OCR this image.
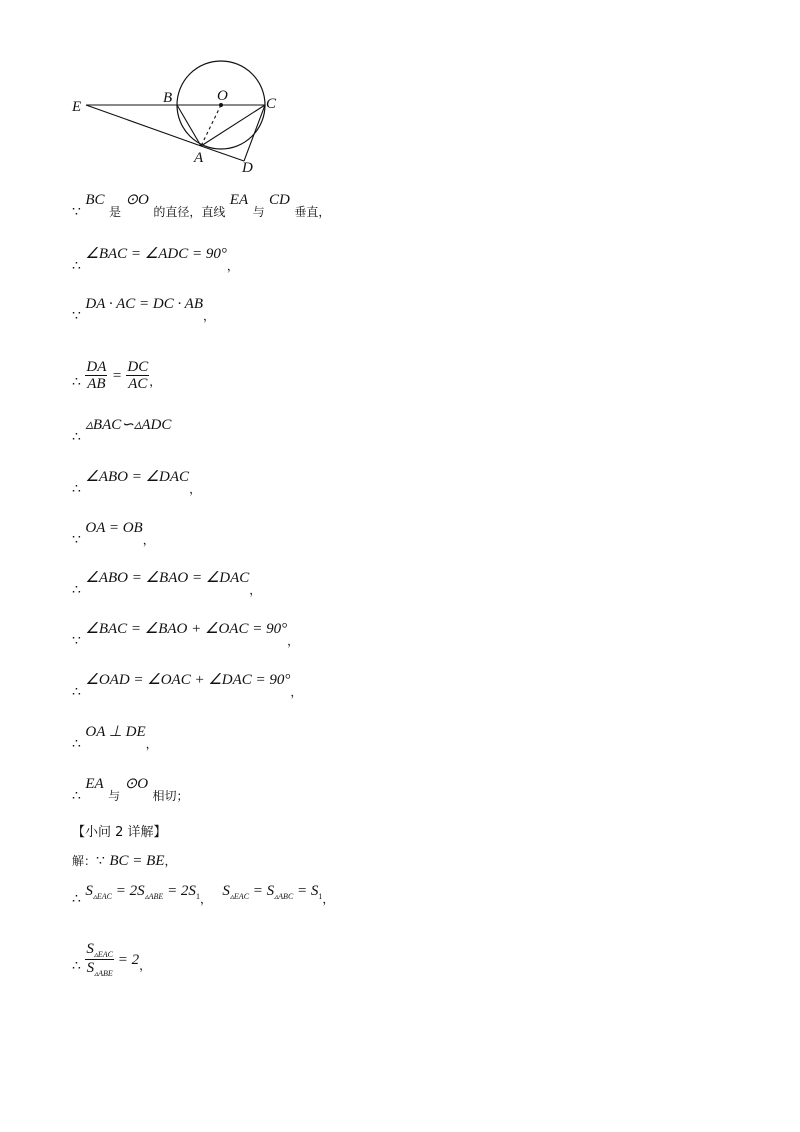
E
B	O	C
A
D
∵ BC 是 ⊙O 的直径，直线 EA 与 CD 垂直，
∴ ∠BAC = ∠ADC = 90°，
∵ DA · AC = DC · AB，
∴ $\frac{DA}{AB} = \frac{DC}{AC}$ ，
∴ ▵BAC∽▵ADC
∴ ∠ABO = ∠DAC，
∵ OA = OB，
∴ ∠ABO = ∠BAO = ∠DAC，
∵ ∠BAC = ∠BAO + ∠OAC = 90°，
∴ ∠OAD = ∠OAC + ∠DAC = 90°，
∴ OA ⊥ DE，
∴ EA 与 ⊙O 相切；
【小问 2 详解】
解：∵ BC = BE，
∴ $S_{▵EAC} = 2S_{▵ABE} = 2S_1$， $S_{▵EAC} = S_{▵ABC} = S_1$，
∴ $\frac{S_{▵EAC}}{S_{▵ABE}} = 2$，
